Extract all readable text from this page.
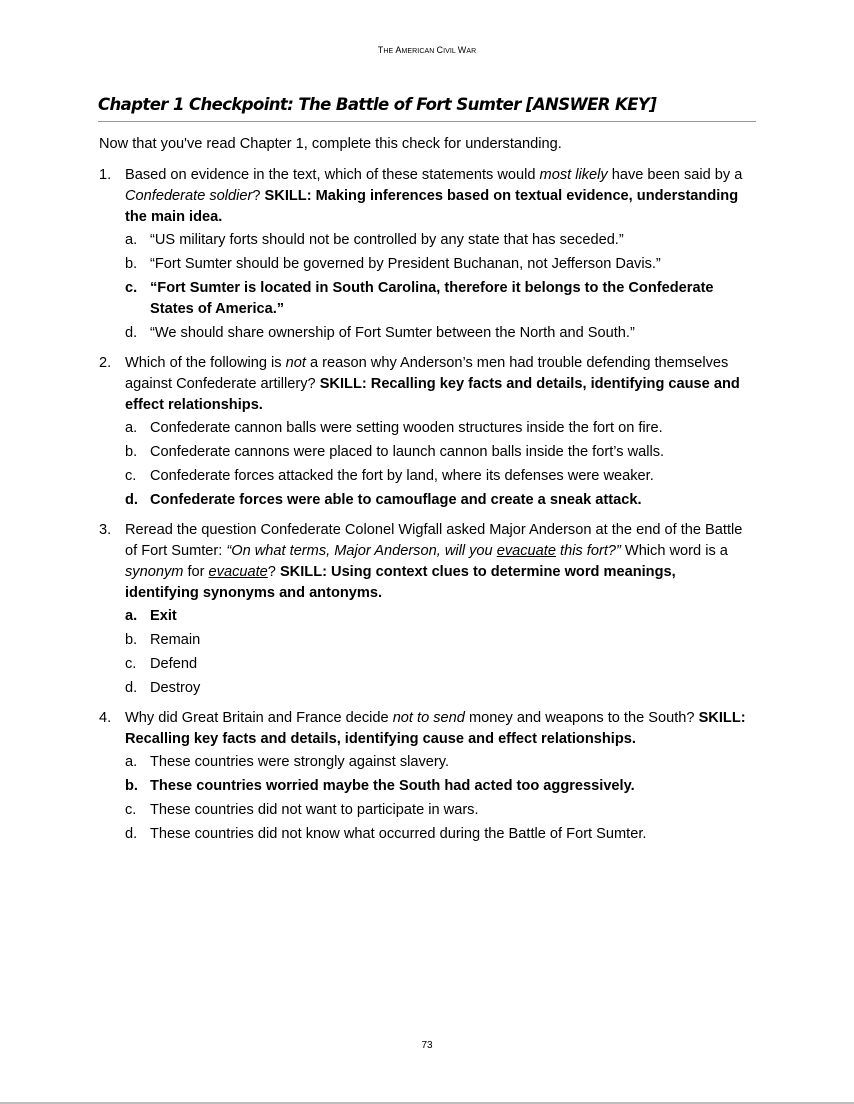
THE AMERICAN CIVIL WAR
Chapter 1 Checkpoint: The Battle of Fort Sumter [ANSWER KEY]

Now that you've read Chapter 1, complete this check for understanding.

1. Based on evidence in the text, which of these statements would most likely have been said by a Confederate soldier? SKILL: Making inferences based on textual evidence, understanding the main idea.

a. “US military forts should not be controlled by any state that has seceded.”
b. “Fort Sumter should be governed by President Buchanan, not Jefferson Davis.”
c. “Fort Sumter is located in South Carolina, therefore it belongs to the Confederate States of America.”
d. “We should share ownership of Fort Sumter between the North and South.”
2. Which of the following is not a reason why Anderson’s men had trouble defending themselves against Confederate artillery? SKILL: Recalling key facts and details, identifying cause and effect relationships.

a. Confederate cannon balls were setting wooden structures inside the fort on fire.
b. Confederate cannons were placed to launch cannon balls inside the fort’s walls.
c. Confederate forces attacked the fort by land, where its defenses were weaker.
d. Confederate forces were able to camouflage and create a sneak attack.
3. Reread the question Confederate Colonel Wigfall asked Major Anderson at the end of the Battle of Fort Sumter: “On what terms, Major Anderson, will you evacuate this fort?” Which word is a synonym for evacuate? SKILL: Using context clues to determine word meanings, identifying synonyms and antonyms.

a. Exit
b. Remain
c. Defend
d. Destroy
4. Why did Great Britain and France decide not to send money and weapons to the South? SKILL: Recalling key facts and details, identifying cause and effect relationships.

a. These countries were strongly against slavery.
b. These countries worried maybe the South had acted too aggressively.
c. These countries did not want to participate in wars.
d. These countries did not know what occurred during the Battle of Fort Sumter.
73
